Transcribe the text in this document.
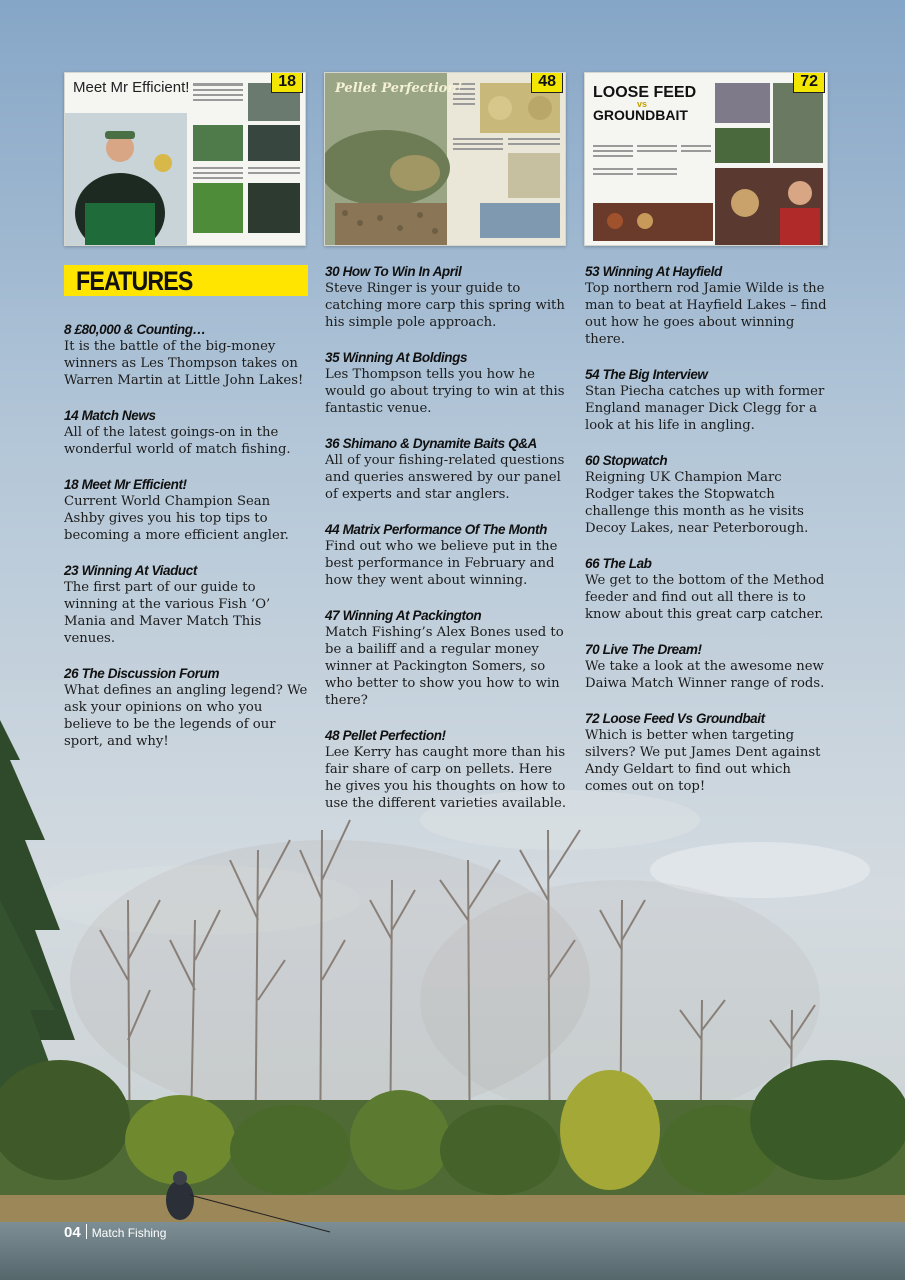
Meet Mr Efficient!	18	Pellet Perfection!	48
LOOSE FEED
vs
GROUNDBAIT
72
FEATURES
8 £80,000 & Counting…

It is the battle of the big-money winners as Les Thompson takes on Warren Martin at Little John Lakes!

14 Match News

All of the latest goings-on in the wonderful world of match fishing.

18 Meet Mr Efficient!

Current World Champion Sean Ashby gives you his top tips to becoming a more efficient angler.

23 Winning At Viaduct

The first part of our guide to winning at the various Fish ‘O’ Mania and Maver Match This venues.

26 The Discussion Forum

What defines an angling legend? We ask your opinions on who you believe to be the legends of our sport, and why!

30 How To Win In April

Steve Ringer is your guide to catching more carp this spring with his simple pole approach.

35 Winning At Boldings

Les Thompson tells you how he would go about trying to win at this fantastic venue.

36 Shimano & Dynamite Baits Q&A

All of your fishing-related questions and queries answered by our panel of experts and star anglers.

44 Matrix Performance Of The Month

Find out who we believe put in the best performance in February and how they went about winning.

47 Winning At Packington

Match Fishing’s Alex Bones used to be a bailiff and a regular money winner at Packington Somers, so who better to show you how to win there?

48 Pellet Perfection!

Lee Kerry has caught more than his fair share of carp on pellets. Here he gives you his thoughts on how to use the different varieties available.

53 Winning At Hayfield

Top northern rod Jamie Wilde is the man to beat at Hayfield Lakes – find out how he goes about winning there.

54 The Big Interview

Stan Piecha catches up with former England manager Dick Clegg for a look at his life in angling.

60 Stopwatch

Reigning UK Champion Marc Rodger takes the Stopwatch challenge this month as he visits Decoy Lakes, near Peterborough.

66 The Lab

We get to the bottom of the Method feeder and find out all there is to know about this great carp catcher.

70 Live The Dream!

We take a look at the awesome new Daiwa Match Winner range of rods.

72 Loose Feed Vs Groundbait

Which is better when targeting silvers? We put James Dent against Andy Geldart to find out which comes out on top!

04 Match Fishing
